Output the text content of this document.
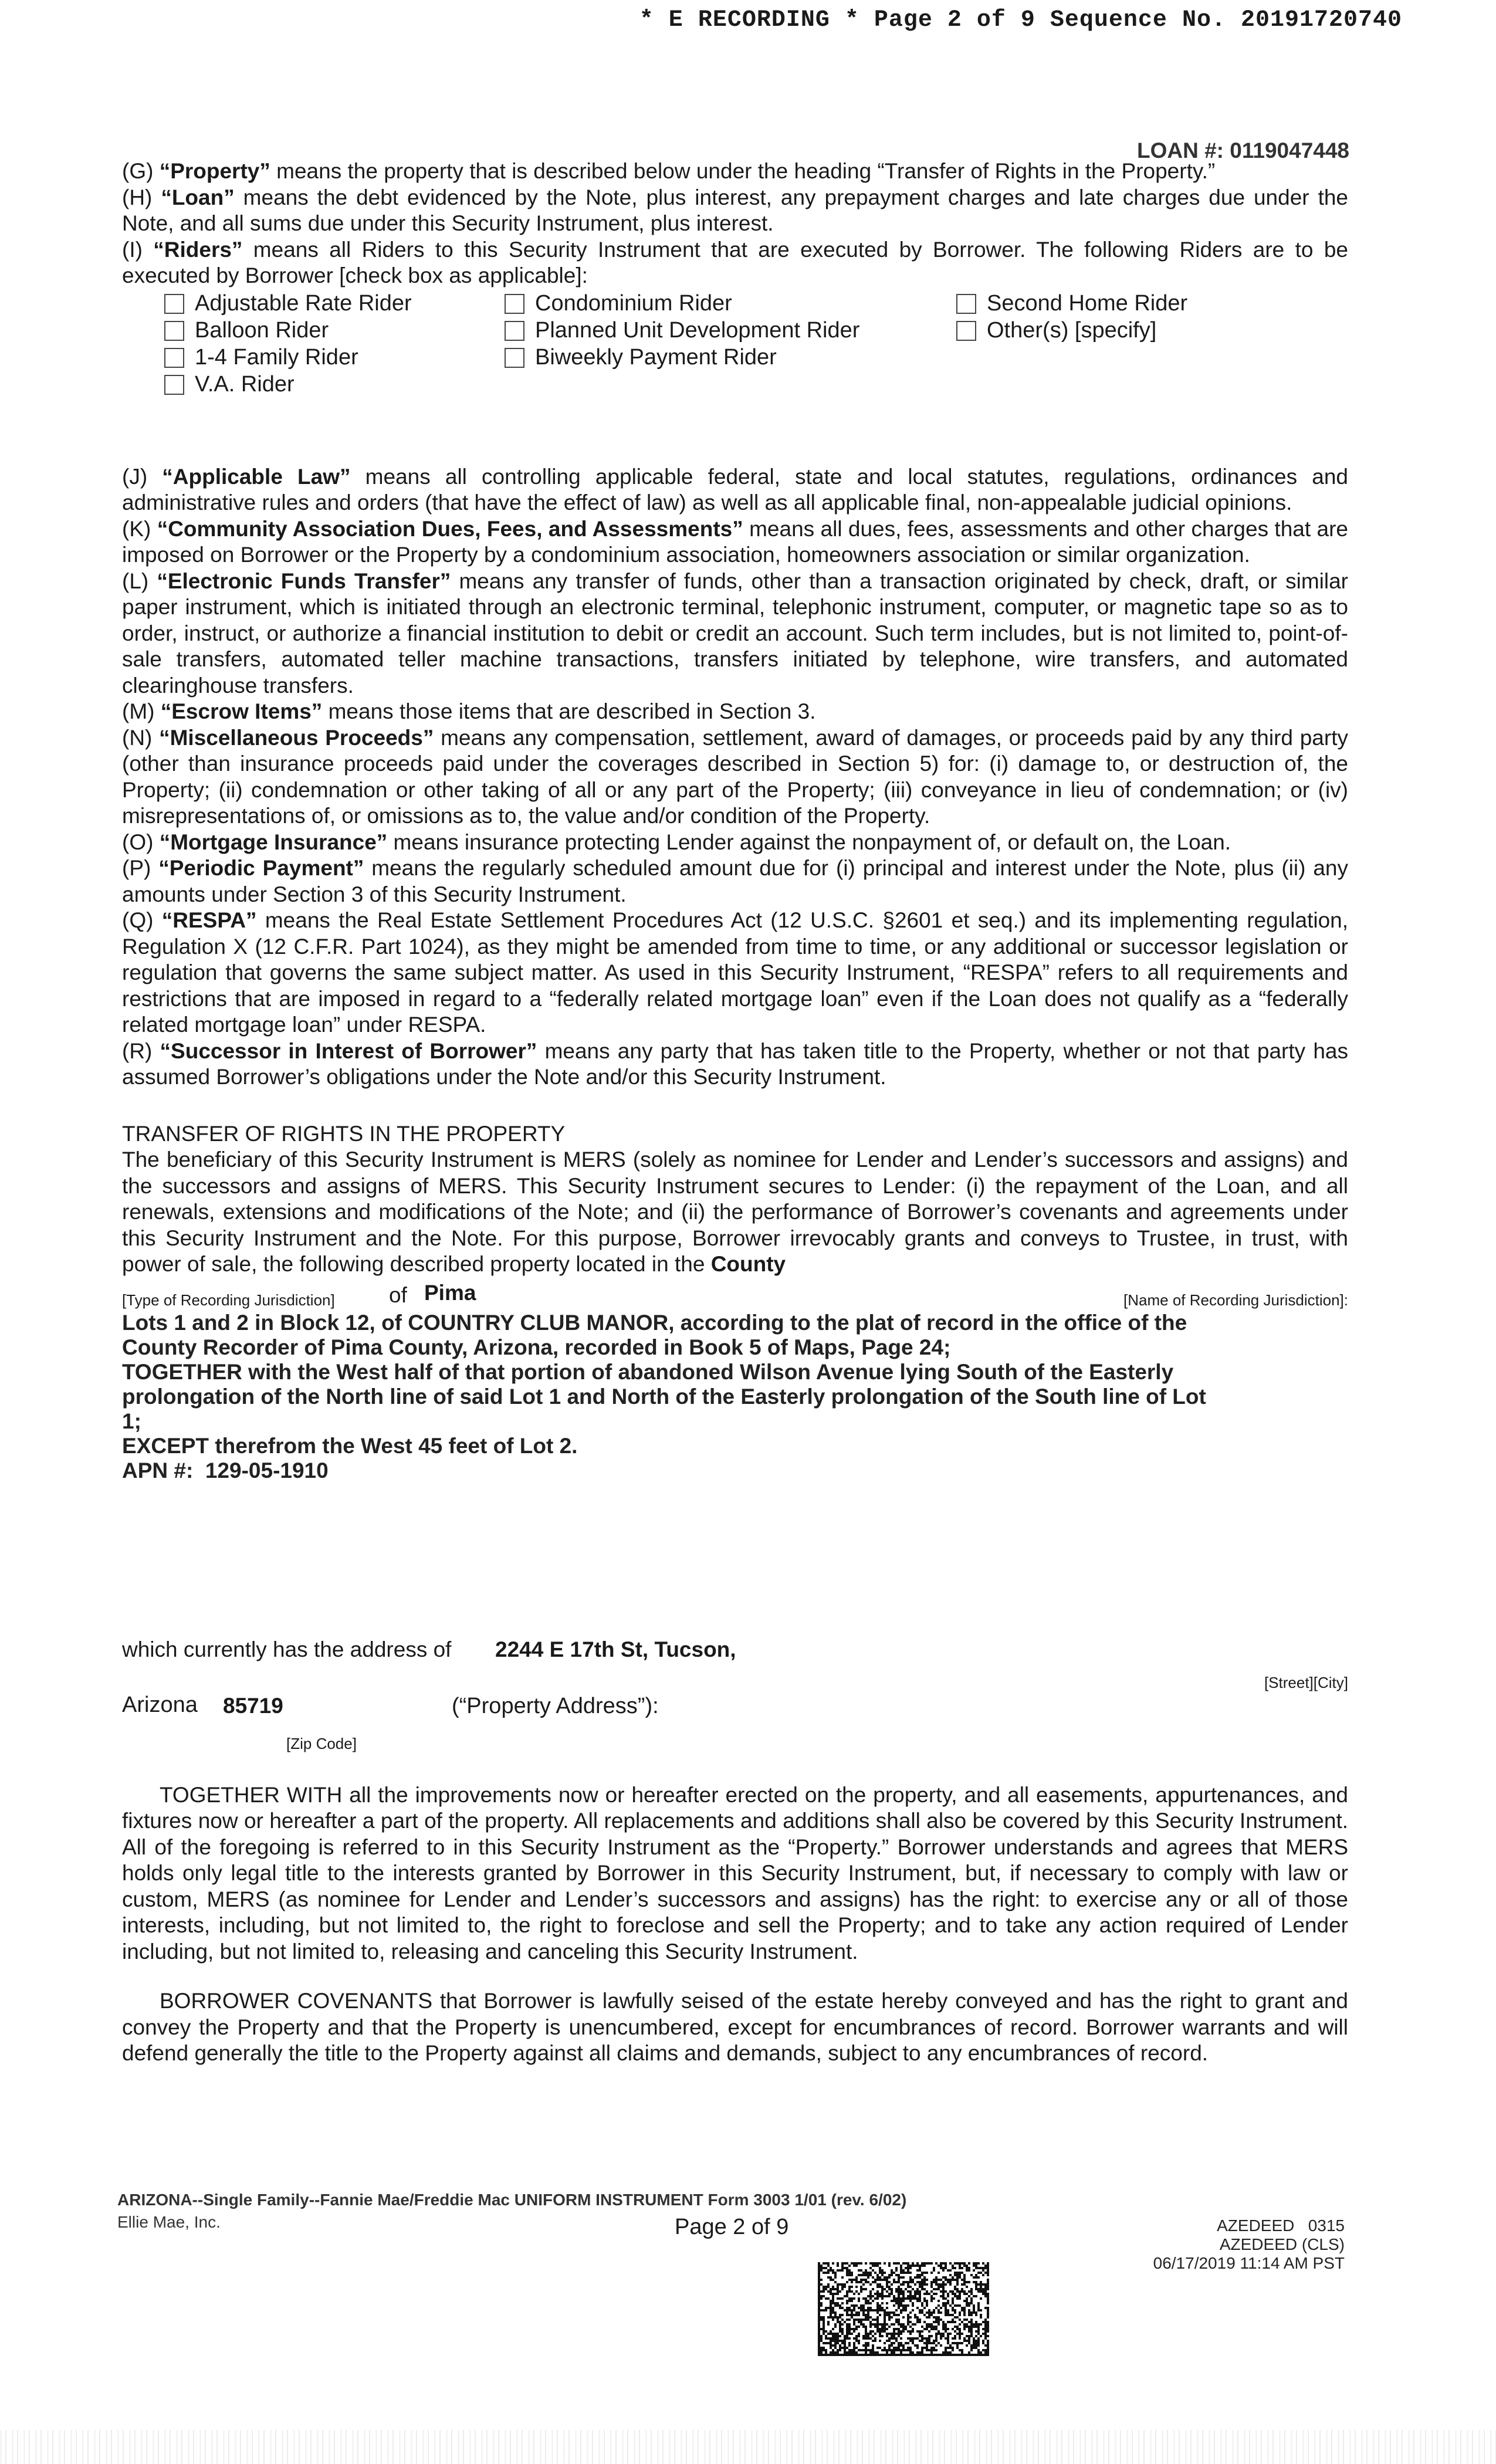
* E RECORDING * Page 2 of 9 Sequence No. 20191720740
LOAN #: 0119047448

(G) “Property” means the property that is described below under the heading “Transfer of Rights in the Property.”

(H) “Loan” means the debt evidenced by the Note, plus interest, any prepayment charges and late charges due under the Note, and all sums due under this Security Instrument, plus interest.

(I) “Riders” means all Riders to this Security Instrument that are executed by Borrower. The following Riders are to be executed by Borrower [check box as applicable]:

Adjustable Rate Rider	Condominium Rider	Second Home Rider
Balloon Rider	Planned Unit Development Rider	Other(s) [specify]
1-4 Family Rider	Biweekly Payment Rider
V.A. Rider

(J) “Applicable Law” means all controlling applicable federal, state and local statutes, regulations, ordinances and administrative rules and orders (that have the effect of law) as well as all applicable final, non-appealable judicial opinions.

(K) “Community Association Dues, Fees, and Assessments” means all dues, fees, assessments and other charges that are imposed on Borrower or the Property by a condominium association, homeowners association or similar organization.

(L) “Electronic Funds Transfer” means any transfer of funds, other than a transaction originated by check, draft, or similar paper instrument, which is initiated through an electronic terminal, telephonic instrument, computer, or magnetic tape so as to order, instruct, or authorize a financial institution to debit or credit an account. Such term includes, but is not limited to, point-of-sale transfers, automated teller machine transactions, transfers initiated by telephone, wire transfers, and automated clearinghouse transfers.

(M) “Escrow Items” means those items that are described in Section 3.

(N) “Miscellaneous Proceeds” means any compensation, settlement, award of damages, or proceeds paid by any third party (other than insurance proceeds paid under the coverages described in Section 5) for: (i) damage to, or destruction of, the Property; (ii) condemnation or other taking of all or any part of the Property; (iii) conveyance in lieu of condemnation; or (iv) misrepresentations of, or omissions as to, the value and/or condition of the Property.

(O) “Mortgage Insurance” means insurance protecting Lender against the nonpayment of, or default on, the Loan.

(P) “Periodic Payment” means the regularly scheduled amount due for (i) principal and interest under the Note, plus (ii) any amounts under Section 3 of this Security Instrument.

(Q) “RESPA” means the Real Estate Settlement Procedures Act (12 U.S.C. §2601 et seq.) and its implementing regulation, Regulation X (12 C.F.R. Part 1024), as they might be amended from time to time, or any additional or successor legislation or regulation that governs the same subject matter. As used in this Security Instrument, “RESPA” refers to all requirements and restrictions that are imposed in regard to a “federally related mortgage loan” even if the Loan does not qualify as a “federally related mortgage loan” under RESPA.

(R) “Successor in Interest of Borrower” means any party that has taken title to the Property, whether or not that party has assumed Borrower’s obligations under the Note and/or this Security Instrument.

TRANSFER OF RIGHTS IN THE PROPERTY

The beneficiary of this Security Instrument is MERS (solely as nominee for Lender and Lender’s successors and assigns) and the successors and assigns of MERS. This Security Instrument secures to Lender: (i) the repayment of the Loan, and all renewals, extensions and modifications of the Note; and (ii) the performance of Borrower’s covenants and agreements under this Security Instrument and the Note. For this purpose, Borrower irrevocably grants and conveys to Trustee, in trust, with power of sale, the following described property located in the County

[Type of Recording Jurisdiction] of Pima	[Name of Recording Jurisdiction]:
Lots 1 and 2 in Block 12, of COUNTRY CLUB MANOR, according to the plat of record in the office of the
County Recorder of Pima County, Arizona, recorded in Book 5 of Maps, Page 24;
TOGETHER with the West half of that portion of abandoned Wilson Avenue lying South of the Easterly
prolongation of the North line of said Lot 1 and North of the Easterly prolongation of the South line of Lot
1;
EXCEPT therefrom the West 45 feet of Lot 2.
APN #:  129-05-1910
which currently has the address of 2244 E 17th St, Tucson,
[Street][City]
Arizona 85719	(“Property Address”):
[Zip Code]

TOGETHER WITH all the improvements now or hereafter erected on the property, and all easements, appurtenances, and fixtures now or hereafter a part of the property. All replacements and additions shall also be covered by this Security Instrument. All of the foregoing is referred to in this Security Instrument as the “Property.” Borrower understands and agrees that MERS holds only legal title to the interests granted by Borrower in this Security Instrument, but, if necessary to comply with law or custom, MERS (as nominee for Lender and Lender’s successors and assigns) has the right: to exercise any or all of those interests, including, but not limited to, the right to foreclose and sell the Property; and to take any action required of Lender including, but not limited to, releasing and canceling this Security Instrument.

BORROWER COVENANTS that Borrower is lawfully seised of the estate hereby conveyed and has the right to grant and convey the Property and that the Property is unencumbered, except for encumbrances of record. Borrower warrants and will defend generally the title to the Property against all claims and demands, subject to any encumbrances of record.

ARIZONA--Single Family--Fannie Mae/Freddie Mac UNIFORM INSTRUMENT Form 3003 1/01 (rev. 6/02)
Ellie Mae, Inc.	Page 2 of 9	AZEDEED   0315
AZEDEED (CLS)
06/17/2019 11:14 AM PST
